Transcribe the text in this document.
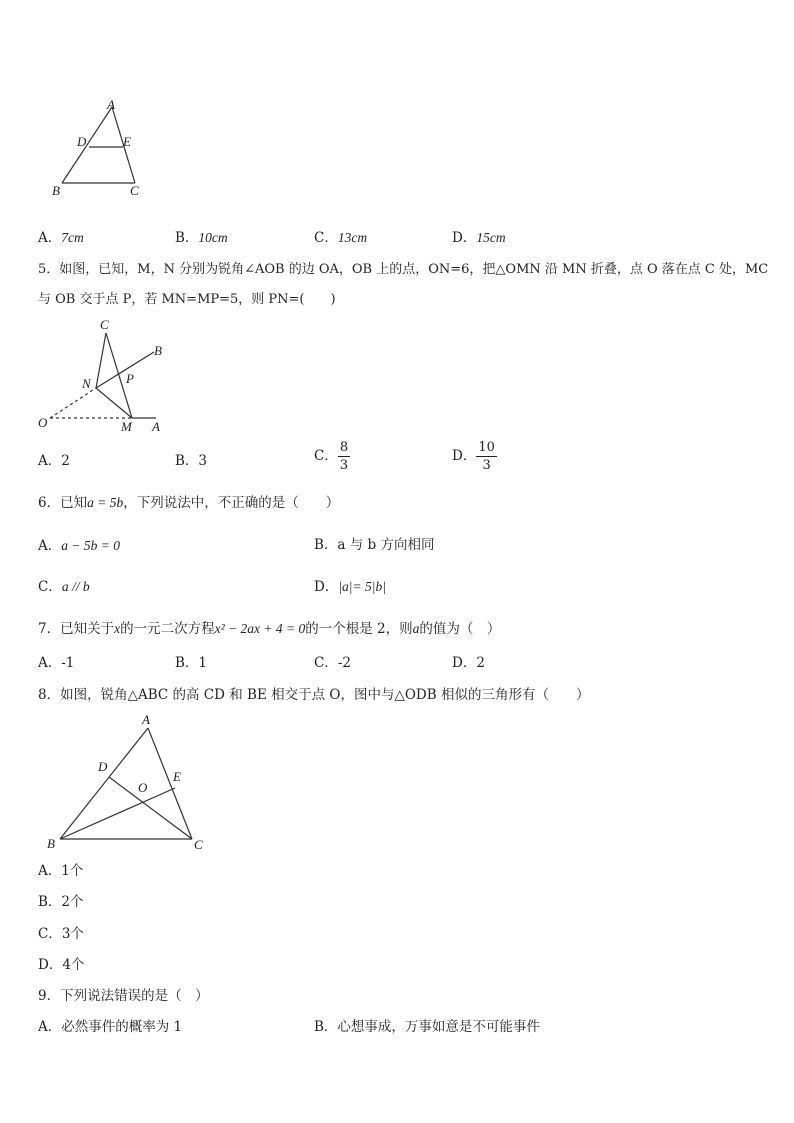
A
D	E
B	C
A．7cm	B．10cm	C．13cm	D．15cm
5．如图，已知，M，N 分别为锐角∠AOB 的边 OA，OB 上的点，ON=6，把△OMN 沿 MN 折叠，点 O 落在点 C 处，MC
与 OB 交于点 P，若 MN=MP=5，则 PN=(　　)
C
B
N	P
O	M A
A．2	B．3	C． $\frac{8}{3}$	D． $\frac{10}{3}$
6．已知a = 5b，下列说法中，不正确的是（　　）
A．a − 5b = 0	B．a 与 b 方向相同
C．a // b	D．|a|= 5|b|
7．已知关于x的一元二次方程x² − 2ax + 4 = 0的一个根是 2，则a的值为（　）
A．-1	B．1	C．-2	D．2
8．如图，锐角△ABC 的高 CD 和 BE 相交于点 O，图中与△ODB 相似的三角形有（　　）
A
D
E
O
B	C
A．1个
B．2个
C．3个
D．4个
9．下列说法错误的是（　）
A．必然事件的概率为 1	B．心想事成，万事如意是不可能事件
